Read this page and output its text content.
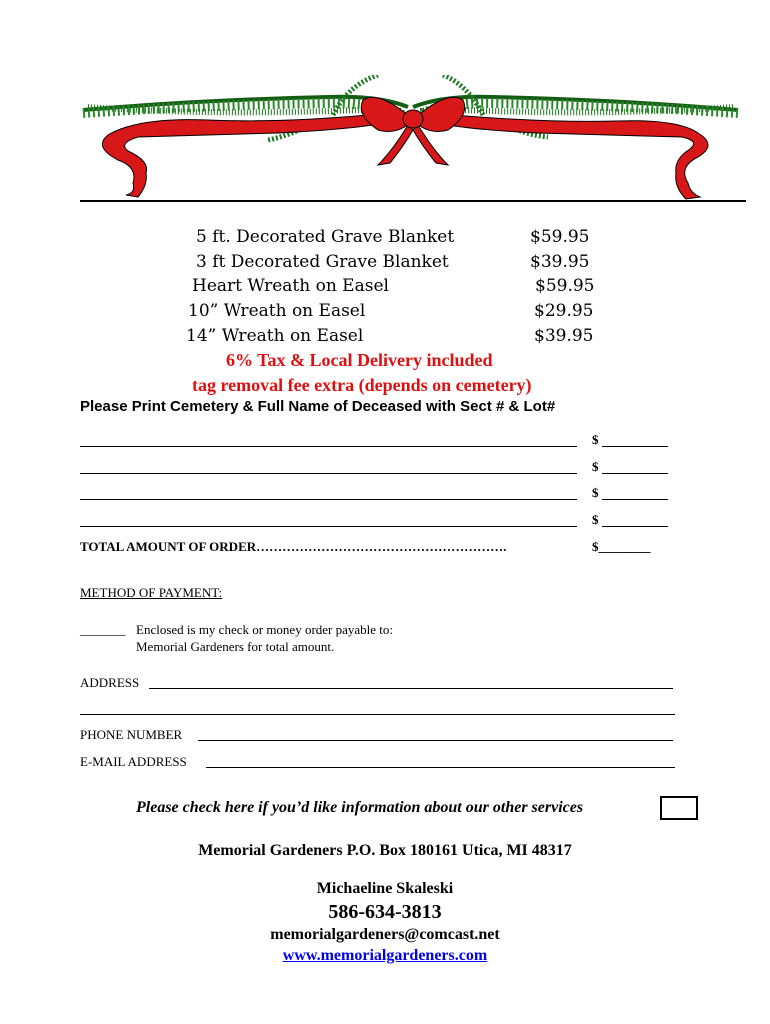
5 ft. Decorated Grave Blanket	$59.95
3 ft Decorated Grave Blanket	$39.95
Heart Wreath on Easel	$59.95
10” Wreath on Easel	$29.95
14” Wreath on Easel	$39.95
6% Tax & Local Delivery included
tag removal fee extra (depends on cemetery)
Please Print Cemetery & Full Name of Deceased with Sect # & Lot#
$
$
$
$
TOTAL AMOUNT OF ORDER………………………………………………….	$________
METHOD OF PAYMENT:
_______ Enclosed is my check or money order payable to:
Memorial Gardeners for total amount.
ADDRESS
PHONE NUMBER
E-MAIL ADDRESS
Please check here if you’d like information about our other services
Memorial Gardeners P.O. Box 180161 Utica, MI 48317
Michaeline Skaleski
586-634-3813
memorialgardeners@comcast.net
www.memorialgardeners.com
